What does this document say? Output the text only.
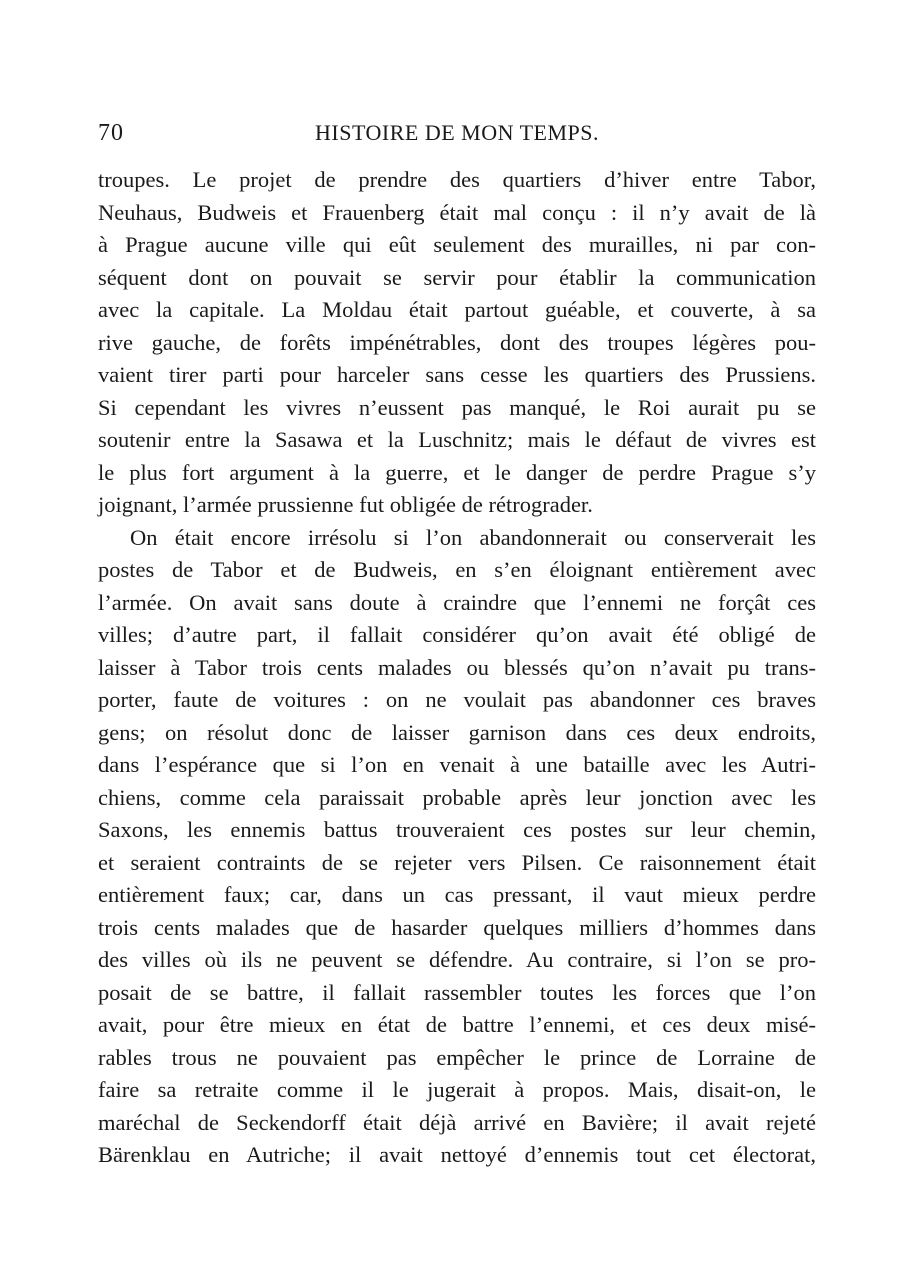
70	HISTOIRE DE MON TEMPS.
troupes. Le projet de prendre des quartiers d’hiver entre Tabor,
Neuhaus, Budweis et Frauenberg était mal conçu : il n’y avait de là
à Prague aucune ville qui eût seulement des murailles, ni par con-
séquent dont on pouvait se servir pour établir la communication
avec la capitale. La Moldau était partout guéable, et couverte, à sa
rive gauche, de forêts impénétrables, dont des troupes légères pou-
vaient tirer parti pour harceler sans cesse les quartiers des Prussiens.
Si cependant les vivres n’eussent pas manqué, le Roi aurait pu se
soutenir entre la Sasawa et la Luschnitz; mais le défaut de vivres est
le plus fort argument à la guerre, et le danger de perdre Prague s’y
joignant, l’armée prussienne fut obligée de rétrograder.
On était encore irrésolu si l’on abandonnerait ou conserverait les
postes de Tabor et de Budweis, en s’en éloignant entièrement avec
l’armée. On avait sans doute à craindre que l’ennemi ne forçât ces
villes; d’autre part, il fallait considérer qu’on avait été obligé de
laisser à Tabor trois cents malades ou blessés qu’on n’avait pu trans-
porter, faute de voitures : on ne voulait pas abandonner ces braves
gens; on résolut donc de laisser garnison dans ces deux endroits,
dans l’espérance que si l’on en venait à une bataille avec les Autri-
chiens, comme cela paraissait probable après leur jonction avec les
Saxons, les ennemis battus trouveraient ces postes sur leur chemin,
et seraient contraints de se rejeter vers Pilsen. Ce raisonnement était
entièrement faux; car, dans un cas pressant, il vaut mieux perdre
trois cents malades que de hasarder quelques milliers d’hommes dans
des villes où ils ne peuvent se défendre. Au contraire, si l’on se pro-
posait de se battre, il fallait rassembler toutes les forces que l’on
avait, pour être mieux en état de battre l’ennemi, et ces deux misé-
rables trous ne pouvaient pas empêcher le prince de Lorraine de
faire sa retraite comme il le jugerait à propos. Mais, disait-on, le
maréchal de Seckendorff était déjà arrivé en Bavière; il avait rejeté
Bärenklau en Autriche; il avait nettoyé d’ennemis tout cet électorat,
